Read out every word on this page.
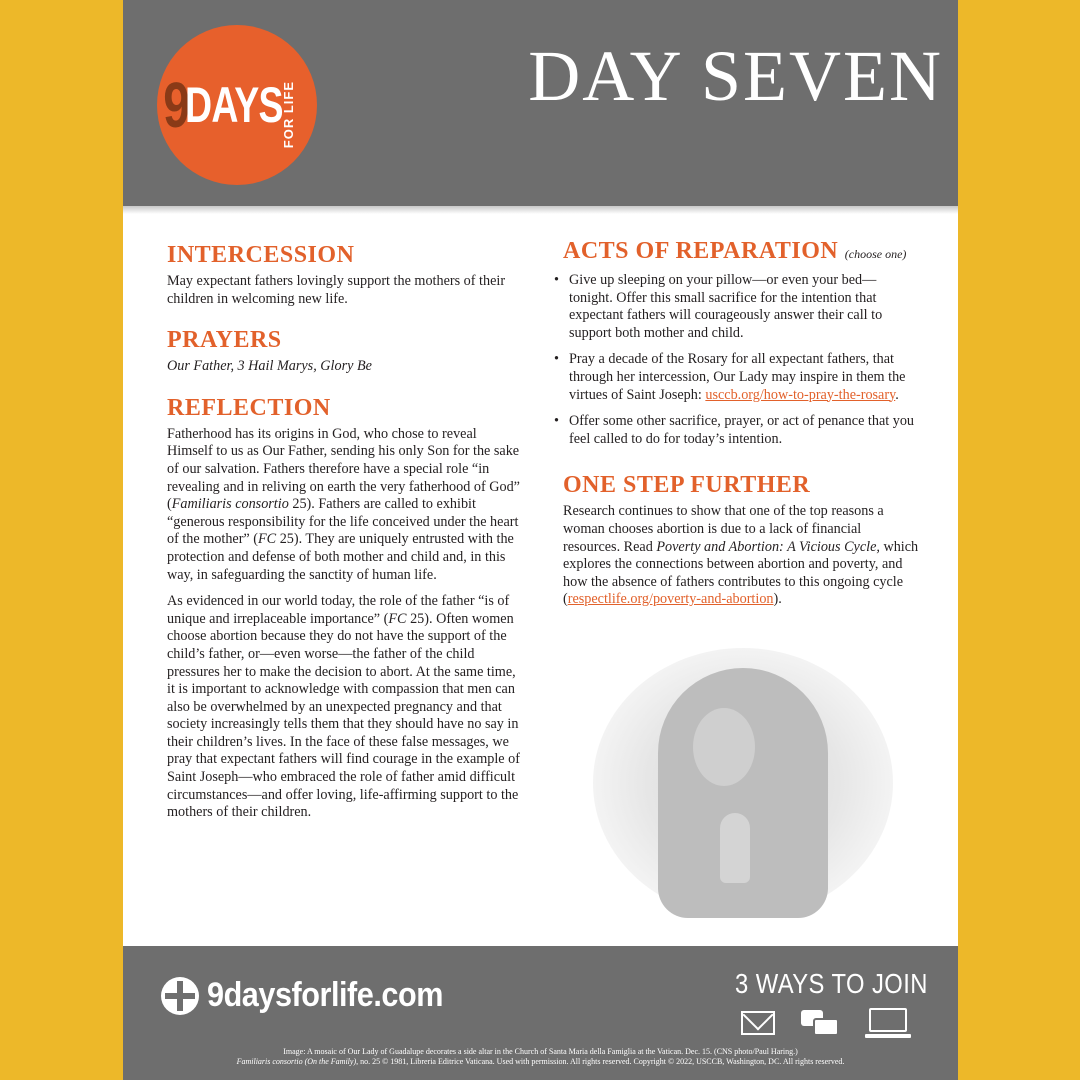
9
DAYS
FOR LIFE	DAY SEVEN
INTERCESSION

May expectant fathers lovingly support the mothers of their children in welcoming new life.

PRAYERS

Our Father, 3 Hail Marys, Glory Be

REFLECTION

Fatherhood has its origins in God, who chose to reveal Himself to us as Our Father, sending his only Son for the sake of our salvation. Fathers therefore have a special role “in revealing and in reliving on earth the very fatherhood of God” (Familiaris consortio 25). Fathers are called to exhibit “generous responsibility for the life conceived under the heart of the mother” (FC 25). They are uniquely entrusted with the protection and defense of both mother and child and, in this way, in safeguarding the sanctity of human life.

As evidenced in our world today, the role of the father “is of unique and irreplaceable importance” (FC 25). Often women choose abortion because they do not have the support of the child’s father, or—even worse—the father of the child pressures her to make the decision to abort. At the same time, it is important to acknowledge with compassion that men can also be overwhelmed by an unexpected pregnancy and that society increasingly tells them that they should have no say in their children’s lives. In the face of these false messages, we pray that expectant fathers will find courage in the example of Saint Joseph—who embraced the role of father amid difficult circumstances—and offer loving, life-affirming support to the mothers of their children.

ACTS OF REPARATION (choose one)
• Give up sleeping on your pillow—or even your bed—tonight. Offer this small sacrifice for the intention that expectant fathers will courageously answer their call to support both mother and child.
• Pray a decade of the Rosary for all expectant fathers, that through her intercession, Our Lady may inspire in them the virtues of Saint Joseph: usccb.org/how-to-pray-the-rosary.
• Offer some other sacrifice, prayer, or act of penance that you feel called to do for today’s intention.
ONE STEP FURTHER

Research continues to show that one of the top reasons a woman chooses abortion is due to a lack of financial resources. Read Poverty and Abortion: A Vicious Cycle, which explores the connections between abortion and poverty, and how the absence of fathers contributes to this ongoing cycle (respectlife.org/poverty-and-abortion).

9daysforlife.com	3 WAYS TO JOIN
Image: A mosaic of Our Lady of Guadalupe decorates a side altar in the Church of Santa Maria della Famiglia at the Vatican. Dec. 15. (CNS photo/Paul Haring.)
Familiaris consortio (On the Family), no. 25 © 1981, Libreria Editrice Vaticana. Used with permission. All rights reserved. Copyright © 2022, USCCB, Washington, DC. All rights reserved.
